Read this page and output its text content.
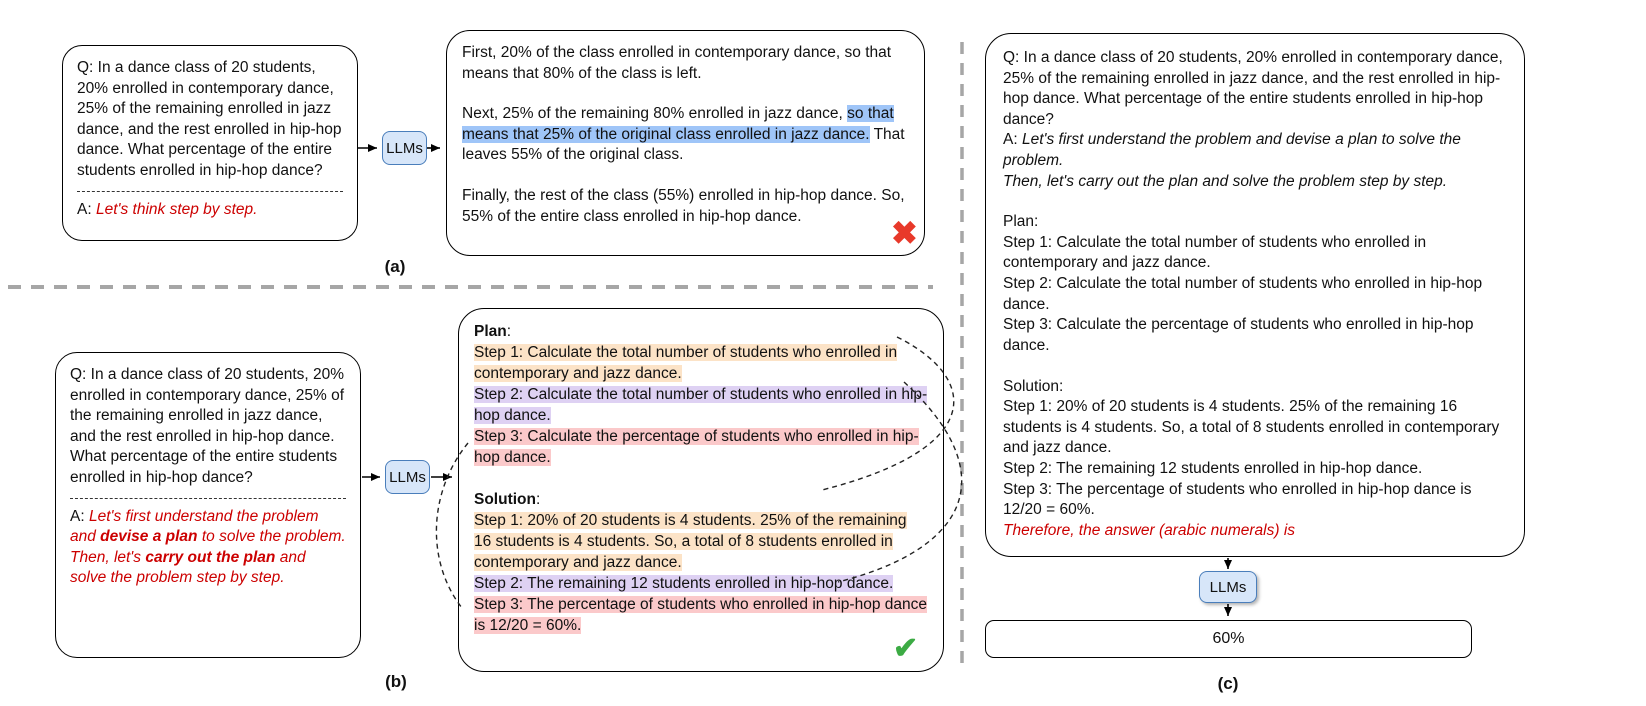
Q: In a dance class of 20 students, 20% enrolled in contemporary dance, 25% of the remaining enrolled in jazz dance, and the rest enrolled in hip-hop dance. What percentage of the entire students enrolled in hip-hop dance?
A: Let's think step by step.
LLMs

First, 20% of the class enrolled in contemporary dance, so that means that 80% of the class is left.

Next, 25% of the remaining 80% enrolled in jazz dance, so that means that 25% of the original class enrolled in jazz dance. That leaves 55% of the original class.

Finally, the rest of the class (55%) enrolled in hip-hop dance. So, 55% of the entire class enrolled in hip-hop dance.	✖
(a)
Q: In a dance class of 20 students, 20% enrolled in contemporary dance, 25% of the remaining enrolled in jazz dance, and the rest enrolled in hip-hop dance. What percentage of the entire students enrolled in hip-hop dance?
A: Let's first understand the problem and devise a plan to solve the problem.
Then, let's carry out the plan and solve the problem step by step.
LLMs
Plan:
Step 1: Calculate the total number of students who enrolled in contemporary and jazz dance.
Step 2: Calculate the total number of students who enrolled in hip-hop dance.
Step 3: Calculate the percentage of students who enrolled in hip-hop dance.
Solution:
Step 1: 20% of 20 students is 4 students. 25% of the remaining 16 students is 4 students. So, a total of 8 students enrolled in contemporary and jazz dance.
Step 2: The remaining 12 students enrolled in hip-hop dance.
Step 3: The percentage of students who enrolled in hip-hop dance is 12/20 = 60%.
✔
(b)
Q: In a dance class of 20 students, 20% enrolled in contemporary dance, 25% of the remaining enrolled in jazz dance, and the rest enrolled in hip-hop dance. What percentage of the entire students enrolled in hip-hop dance?
A: Let's first understand the problem and devise a plan to solve the problem.
Then, let's carry out the plan and solve the problem step by step.
Plan:
Step 1: Calculate the total number of students who enrolled in contemporary and jazz dance.
Step 2: Calculate the total number of students who enrolled in hip-hop dance.
Step 3: Calculate the percentage of students who enrolled in hip-hop dance.
Solution:
Step 1: 20% of 20 students is 4 students. 25% of the remaining 16 students is 4 students. So, a total of 8 students enrolled in contemporary and jazz dance.
Step 2: The remaining 12 students enrolled in hip-hop dance.
Step 3: The percentage of students who enrolled in hip-hop dance is 12/20 = 60%.
Therefore, the answer (arabic numerals) is
LLMs
60%
(c)
